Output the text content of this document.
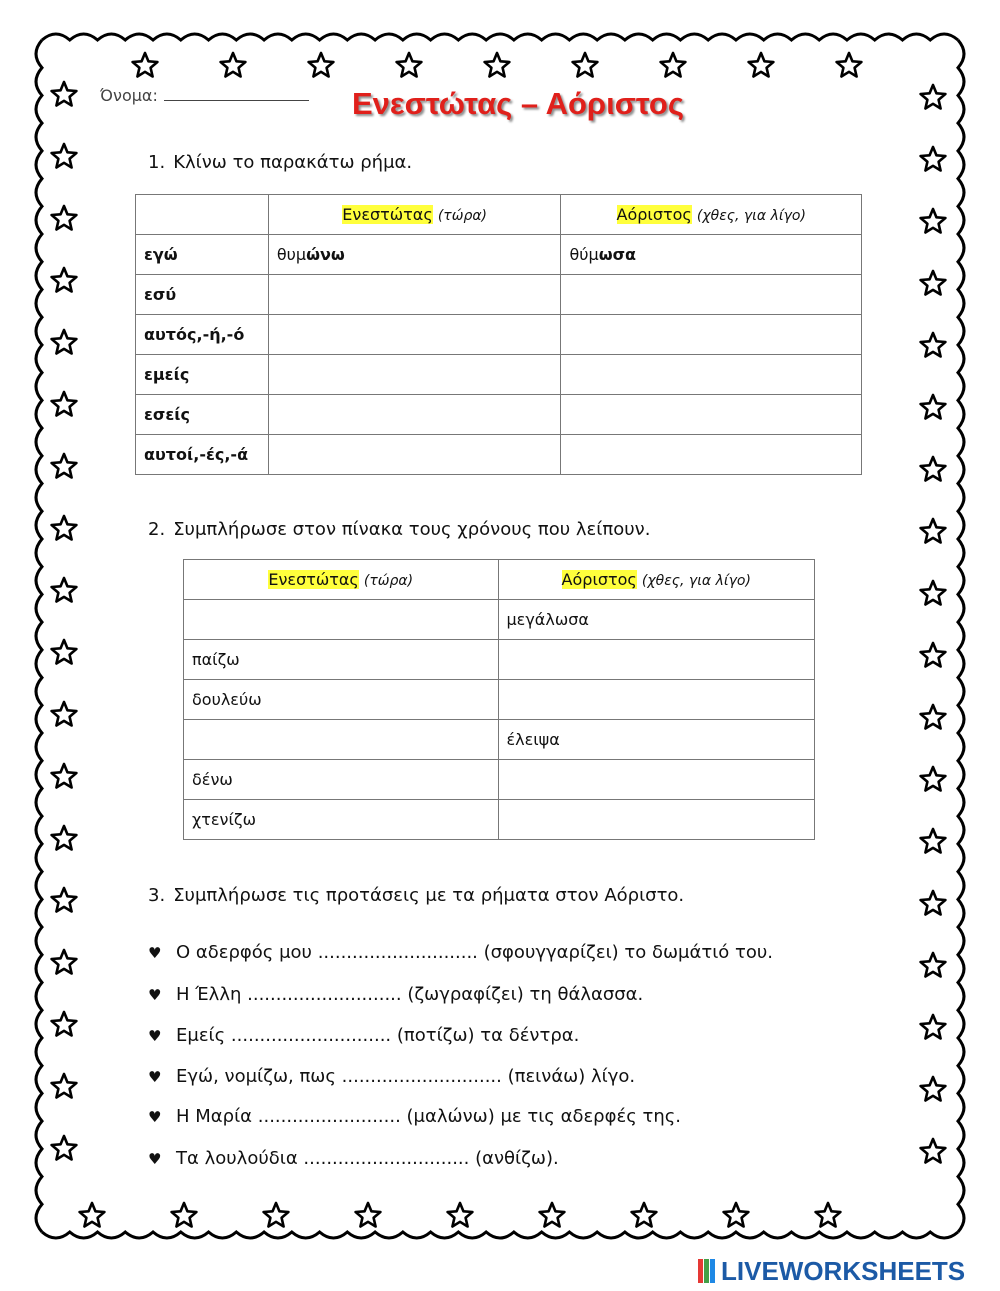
Όνομα:	Ενεστώτας – Αόριστος
1. Κλίνω το παρακάτω ρήμα.
	Ενεστώτας (τώρα)	Αόριστος (χθες, για λίγο)
εγώ	θυμώνω	θύμωσα
εσύ		
αυτός,-ή,-ό		
εμείς		
εσείς		
αυτοί,-ές,-ά		
2. Συμπλήρωσε στον πίνακα τους χρόνους που λείπουν.
Ενεστώτας (τώρα)	Αόριστος (χθες, για λίγο)
	μεγάλωσα
παίζω	
δουλεύω	
	έλειψα
δένω	
χτενίζω	
3. Συμπλήρωσε τις προτάσεις με τα ρήματα στον Αόριστο.
♥ Ο αδερφός μου ............................ (σφουγγαρίζει) το δωμάτιό του.
♥ Η Έλλη ........................... (ζωγραφίζει) τη θάλασσα.
♥ Εμείς ............................ (ποτίζω) τα δέντρα.
♥ Εγώ, νομίζω, πως ............................ (πεινάω) λίγο.
♥ Η Μαρία ......................... (μαλώνω) με τις αδερφές της.
♥ Τα λουλούδια ............................. (ανθίζω).
LIVEWORKSHEETS
